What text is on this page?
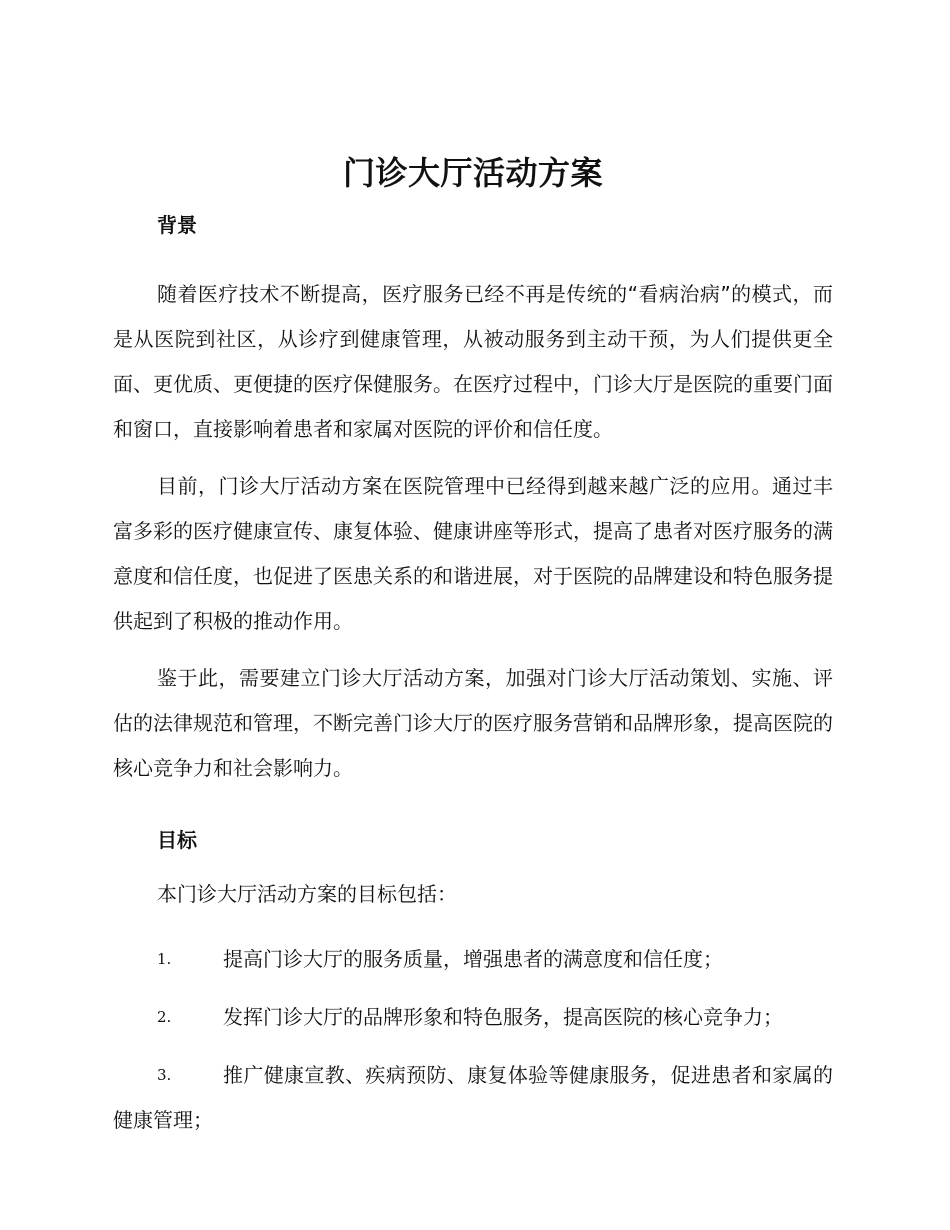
门诊大厅活动方案
背景

随着医疗技术不断提高，医疗服务已经不再是传统的“看病治病”的模式，而是从医院到社区，从诊疗到健康管理，从被动服务到主动干预，为人们提供更全面、更优质、更便捷的医疗保健服务。在医疗过程中，门诊大厅是医院的重要门面和窗口，直接影响着患者和家属对医院的评价和信任度。

目前，门诊大厅活动方案在医院管理中已经得到越来越广泛的应用。通过丰富多彩的医疗健康宣传、康复体验、健康讲座等形式，提高了患者对医疗服务的满意度和信任度，也促进了医患关系的和谐进展，对于医院的品牌建设和特色服务提供起到了积极的推动作用。

鉴于此，需要建立门诊大厅活动方案，加强对门诊大厅活动策划、实施、评估的法律规范和管理，不断完善门诊大厅的医疗服务营销和品牌形象，提高医院的核心竞争力和社会影响力。

目标
本门诊大厅活动方案的目标包括：
1.	提高门诊大厅的服务质量，增强患者的满意度和信任度；
2.	发挥门诊大厅的品牌形象和特色服务，提高医院的核心竞争力；
3.	推广健康宣教、疾病预防、康复体验等健康服务，促进患者和家属的健康管理；
